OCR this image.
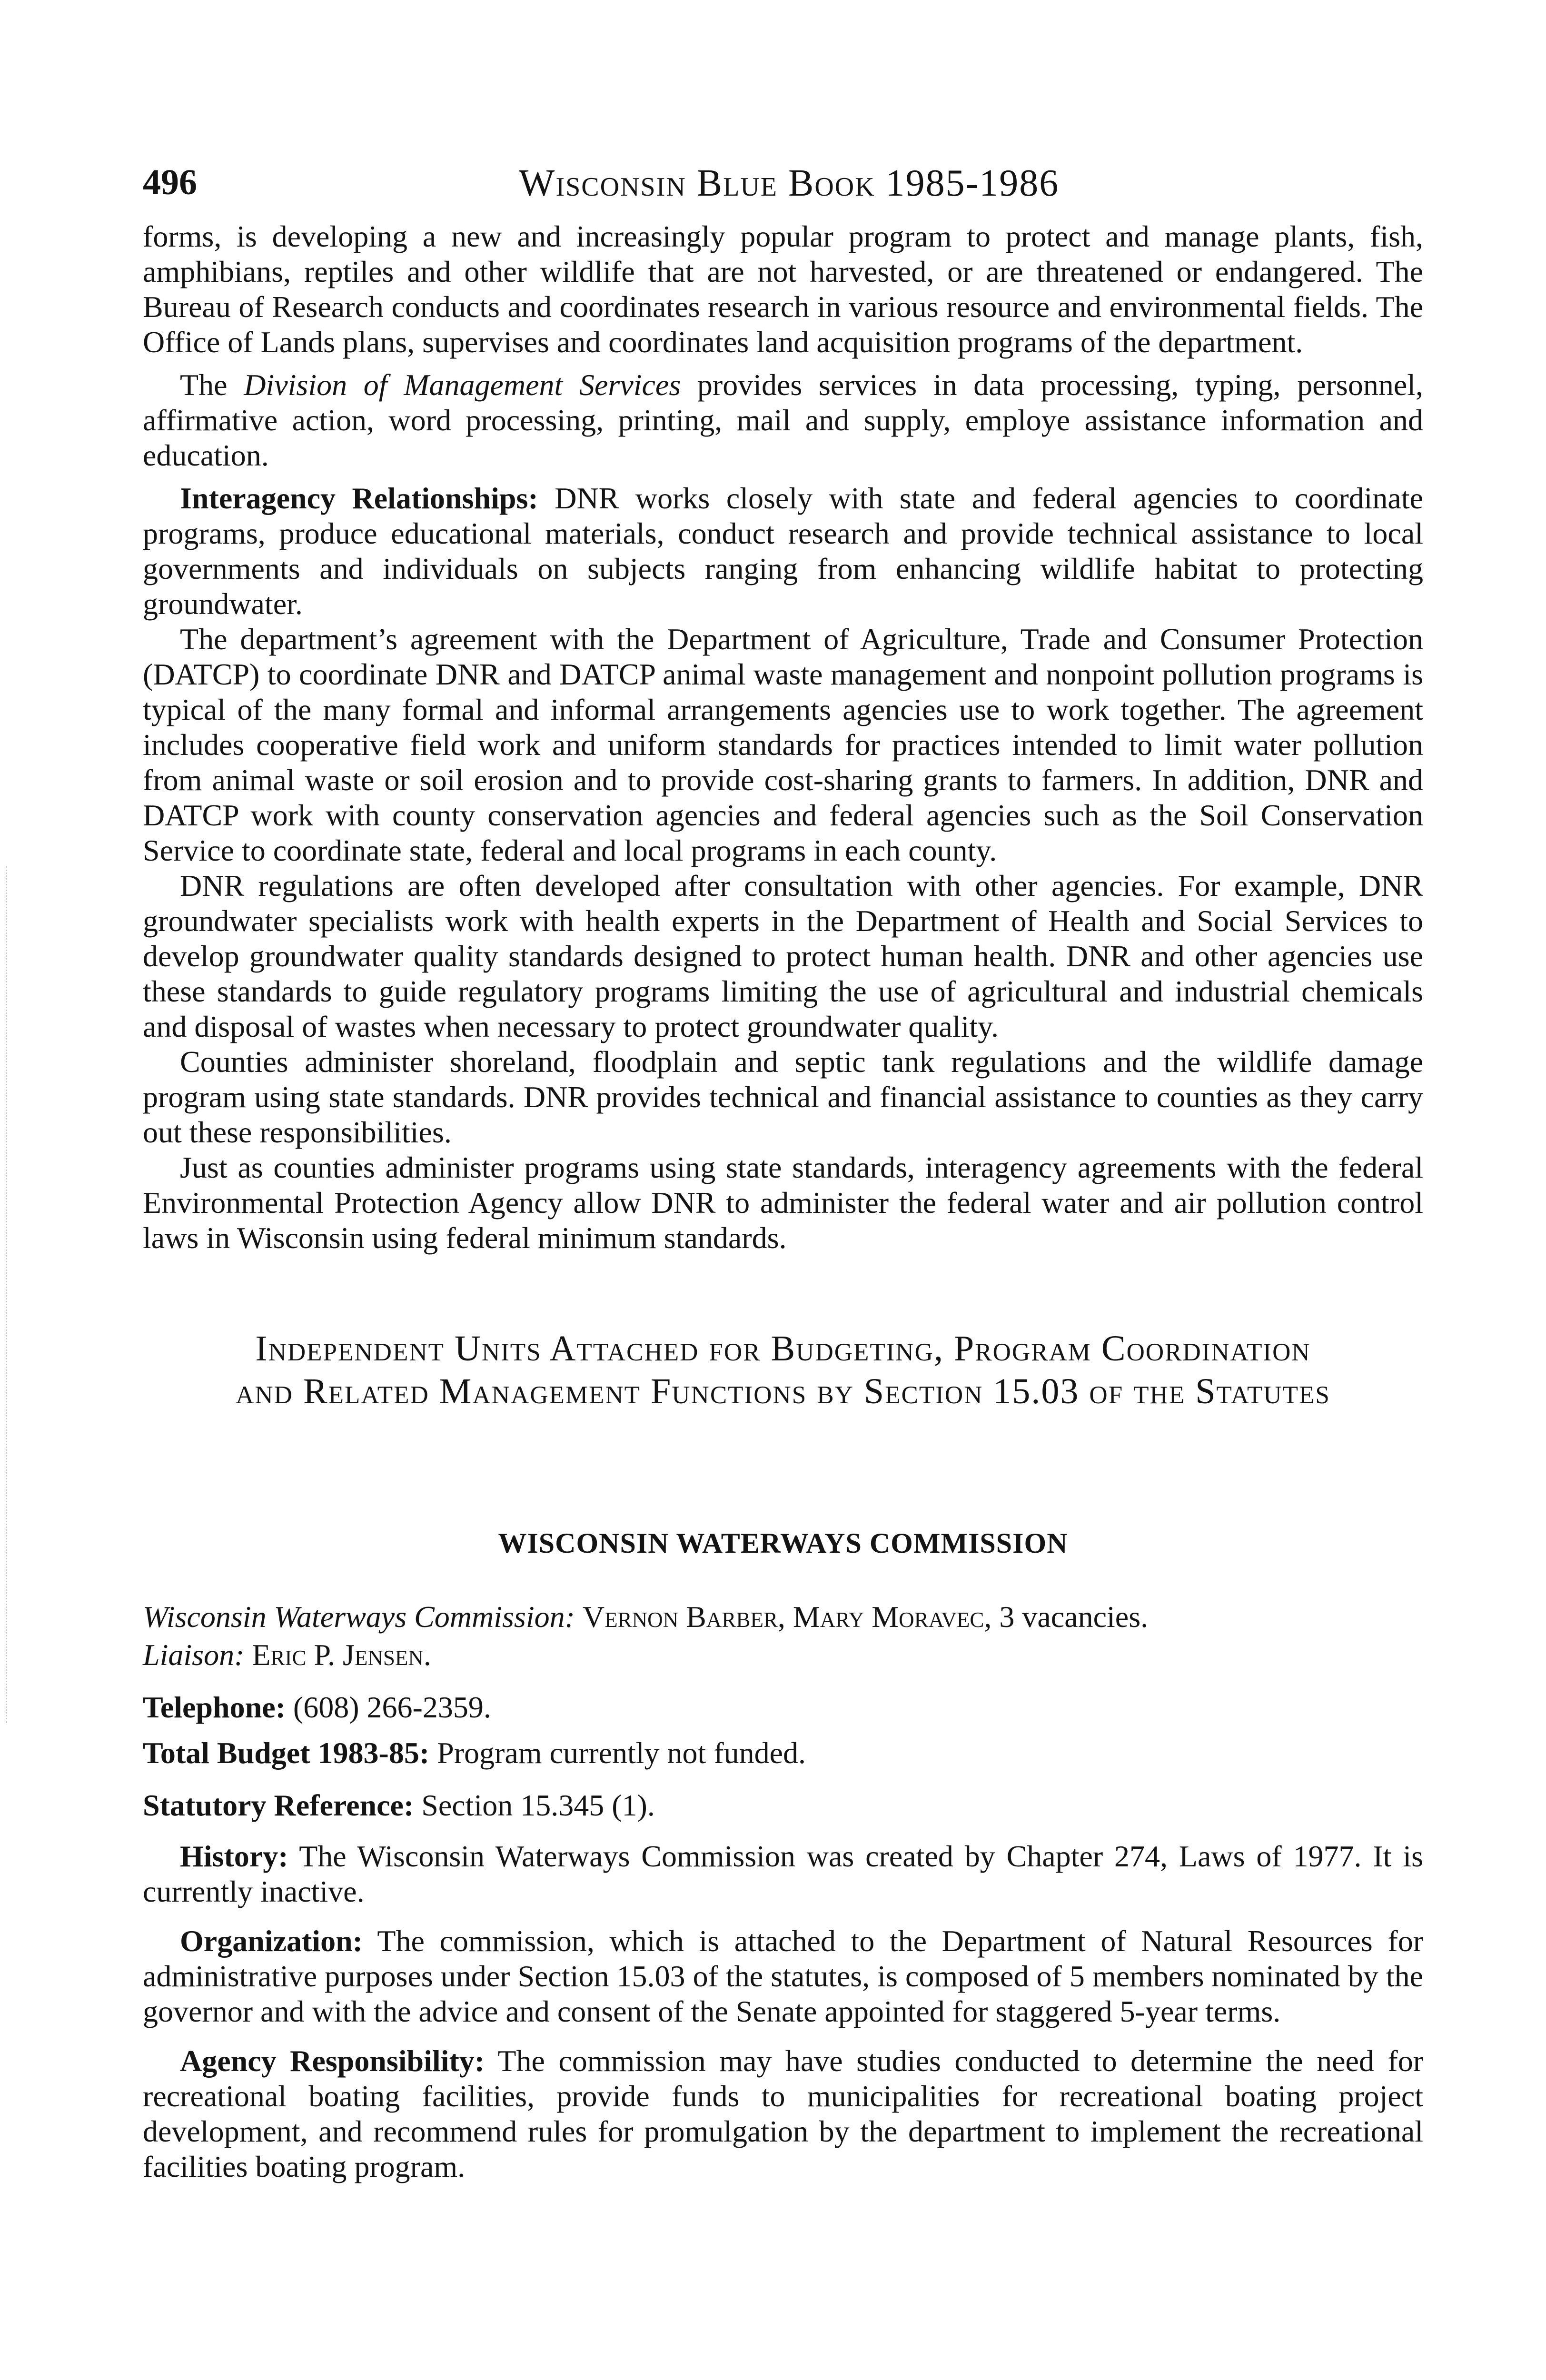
496	Wisconsin Blue Book 1985-1986

forms, is developing a new and increasingly popular program to protect and manage plants, fish, amphibians, reptiles and other wildlife that are not harvested, or are threatened or endangered. The Bureau of Research conducts and coordinates research in various resource and environmental fields. The Office of Lands plans, supervises and coordinates land acquisition programs of the department.

The Division of Management Services provides services in data processing, typing, personnel, affirmative action, word processing, printing, mail and supply, employe assistance information and education.

Interagency Relationships: DNR works closely with state and federal agencies to coordinate programs, produce educational materials, conduct research and provide technical assistance to local governments and individuals on subjects ranging from enhancing wildlife habitat to protecting groundwater.

The department’s agreement with the Department of Agriculture, Trade and Consumer Protection (DATCP) to coordinate DNR and DATCP animal waste management and nonpoint pollution programs is typical of the many formal and informal arrangements agencies use to work together. The agreement includes cooperative field work and uniform standards for practices intended to limit water pollution from animal waste or soil erosion and to provide cost-sharing grants to farmers. In addition, DNR and DATCP work with county conservation agencies and federal agencies such as the Soil Conservation Service to coordinate state, federal and local programs in each county.

DNR regulations are often developed after consultation with other agencies. For example, DNR groundwater specialists work with health experts in the Department of Health and Social Services to develop groundwater quality standards designed to protect human health. DNR and other agencies use these standards to guide regulatory programs limiting the use of agricultural and industrial chemicals and disposal of wastes when necessary to protect groundwater quality.

Counties administer shoreland, floodplain and septic tank regulations and the wildlife damage program using state standards. DNR provides technical and financial assistance to counties as they carry out these responsibilities.

Just as counties administer programs using state standards, interagency agreements with the federal Environmental Protection Agency allow DNR to administer the federal water and air pollution control laws in Wisconsin using federal minimum standards.

Independent Units Attached for Budgeting, Program Coordination
and Related Management Functions by Section 15.03 of the Statutes
WISCONSIN WATERWAYS COMMISSION

Wisconsin Waterways Commission: Vernon Barber, Mary Moravec, 3 vacancies.

Liaison: Eric P. Jensen.

Telephone: (608) 266-2359.

Total Budget 1983-85: Program currently not funded.

Statutory Reference: Section 15.345 (1).

History: The Wisconsin Waterways Commission was created by Chapter 274, Laws of 1977. It is currently inactive.

Organization: The commission, which is attached to the Department of Natural Resources for administrative purposes under Section 15.03 of the statutes, is composed of 5 members nominated by the governor and with the advice and consent of the Senate appointed for staggered 5-year terms.

Agency Responsibility: The commission may have studies conducted to determine the need for recreational boating facilities, provide funds to municipalities for recreational boating project development, and recommend rules for promulgation by the department to implement the recreational facilities boating program.
